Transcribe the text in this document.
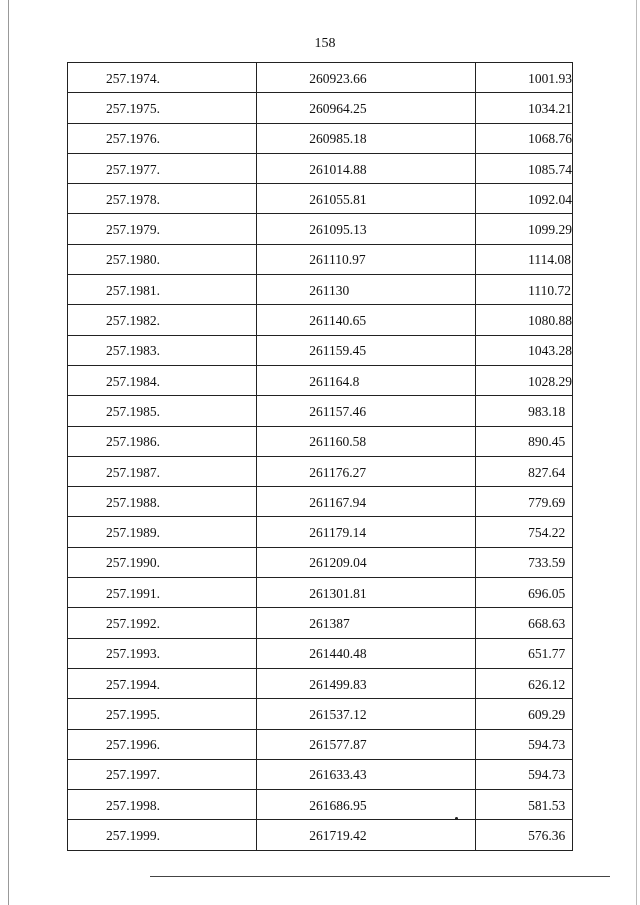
158
257.1974.	260923.66	1001.93
257.1975.	260964.25	1034.21
257.1976.	260985.18	1068.76
257.1977.	261014.88	1085.74
257.1978.	261055.81	1092.04
257.1979.	261095.13	1099.29
257.1980.	261110.97	1114.08
257.1981.	261130	1110.72
257.1982.	261140.65	1080.88
257.1983.	261159.45	1043.28
257.1984.	261164.8	1028.29
257.1985.	261157.46	983.18
257.1986.	261160.58	890.45
257.1987.	261176.27	827.64
257.1988.	261167.94	779.69
257.1989.	261179.14	754.22
257.1990.	261209.04	733.59
257.1991.	261301.81	696.05
257.1992.	261387	668.63
257.1993.	261440.48	651.77
257.1994.	261499.83	626.12
257.1995.	261537.12	609.29
257.1996.	261577.87	594.73
257.1997.	261633.43	594.73
257.1998.	261686.95	581.53
257.1999.	261719.42	576.36
